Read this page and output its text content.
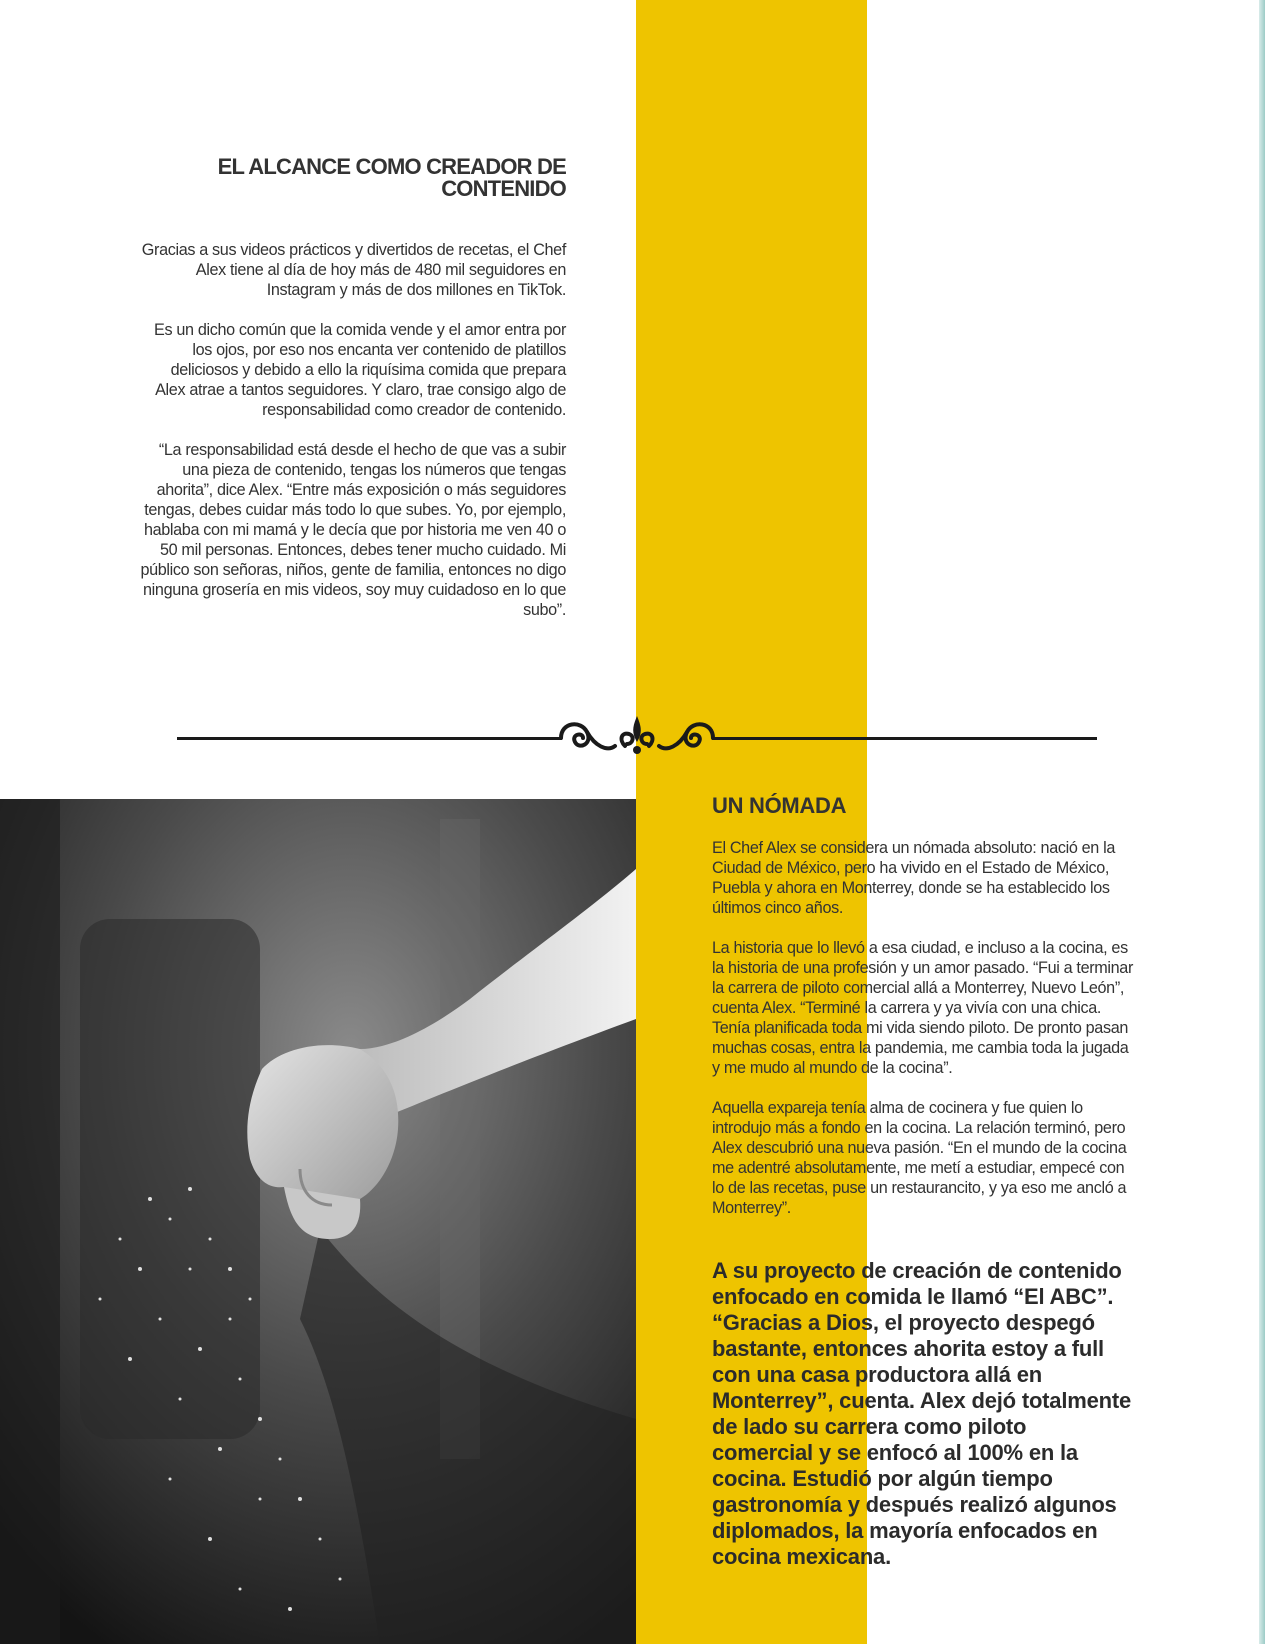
EL ALCANCE COMO CREADOR DE
CONTENIDO

Gracias a sus videos prácticos y divertidos de recetas, el Chef Alex tiene al día de hoy más de 480 mil seguidores en Instagram y más de dos millones en TikTok.

Es un dicho común que la comida vende y el amor entra por los ojos, por eso nos encanta ver contenido de platillos deliciosos y debido a ello la riquísima comida que prepara Alex atrae a tantos seguidores. Y claro, trae consigo algo de responsabilidad como creador de contenido.

“La responsabilidad está desde el hecho de que vas a subir una pieza de contenido, tengas los números que tengas ahorita”, dice Alex. “Entre más exposición o más seguidores tengas, debes cuidar más todo lo que subes. Yo, por ejemplo, hablaba con mi mamá y le decía que por historia me ven 40 o 50 mil personas. Entonces, debes tener mucho cuidado. Mi público son señoras, niños, gente de familia, entonces no digo ninguna grosería en mis videos, soy muy cuidadoso en lo que subo”.

UN NÓMADA

El Chef Alex se considera un nómada absoluto: nació en la Ciudad de México, pero ha vivido en el Estado de México, Puebla y ahora en Monterrey, donde se ha establecido los últimos cinco años.

La historia que lo llevó a esa ciudad, e incluso a la cocina, es la historia de una profesión y un amor pasado. “Fui a terminar la carrera de piloto comercial allá a Monterrey, Nuevo León”, cuenta Alex. “Terminé la carrera y ya vivía con una chica. Tenía planificada toda mi vida siendo piloto. De pronto pasan muchas cosas, entra la pandemia, me cambia toda la jugada y me mudo al mundo de la cocina”.

Aquella expareja tenía alma de cocinera y fue quien lo introdujo más a fondo en la cocina. La relación terminó, pero Alex descubrió una nueva pasión. “En el mundo de la cocina me adentré absolutamente, me metí a estudiar, empecé con lo de las recetas, puse un restaurancito, y ya eso me ancló a Monterrey”.

A su proyecto de creación de contenido enfocado en comida le llamó “El ABC”. “Gracias a Dios, el proyecto despegó bastante, entonces ahorita estoy a full con una casa productora allá en Monterrey”, cuenta. Alex dejó totalmente de lado su carrera como piloto comercial y se enfocó al 100% en la cocina. Estudió por algún tiempo gastronomía y después realizó algunos diplomados, la mayoría enfocados en cocina mexicana.
